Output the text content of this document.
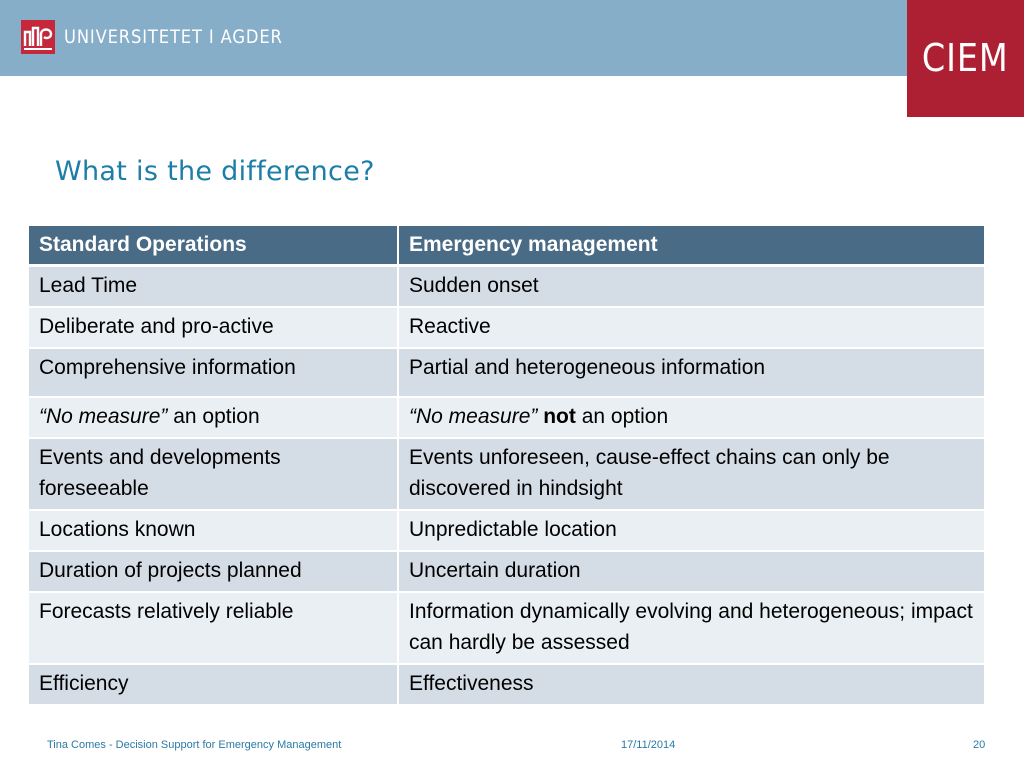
UNIVERSITETET I AGDER	CIEM
What is the difference?
Standard Operations	Emergency management
Lead Time	Sudden onset
Deliberate and pro-active	Reactive
Comprehensive information	Partial and heterogeneous information
“No measure” an option	“No measure” not an option
Events and developments foreseeable	Events unforeseen, cause-effect chains can only be discovered in hindsight
Locations known	Unpredictable location
Duration of projects planned	Uncertain duration
Forecasts relatively reliable	Information dynamically evolving and heterogeneous; impact can hardly be assessed
Efficiency	Effectiveness
Tina Comes - Decision Support for Emergency Management	17/11/2014	20
